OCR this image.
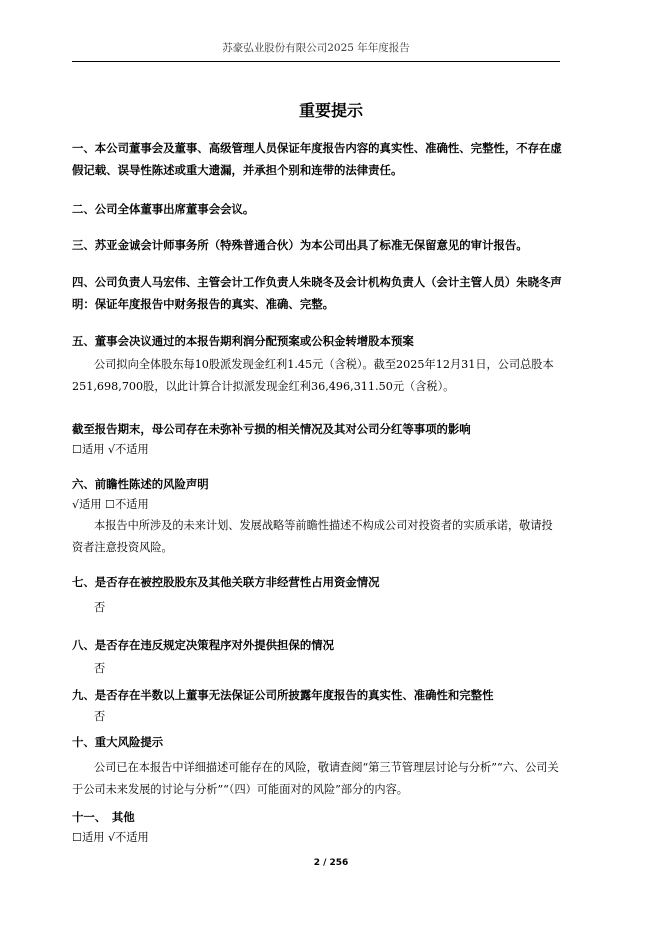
苏豪弘业股份有限公司2025 年年度报告
重要提示

一、本公司董事会及董事、高级管理人员保证年度报告内容的真实性、准确性、完整性，不存在虚假记载、误导性陈述或重大遗漏，并承担个别和连带的法律责任。

二、公司全体董事出席董事会会议。

三、苏亚金诚会计师事务所（特殊普通合伙）为本公司出具了标准无保留意见的审计报告。

四、公司负责人马宏伟、主管会计工作负责人朱晓冬及会计机构负责人（会计主管人员）朱晓冬声明：保证年度报告中财务报告的真实、准确、完整。

五、董事会决议通过的本报告期利润分配预案或公积金转增股本预案

公司拟向全体股东每10股派发现金红利1.45元（含税）。截至2025年12月31日，公司总股本251,698,700股，以此计算合计拟派发现金红利36,496,311.50元（含税）。

截至报告期末，母公司存在未弥补亏损的相关情况及其对公司分红等事项的影响

☐适用 √不适用

六、前瞻性陈述的风险声明

√适用 ☐不适用

本报告中所涉及的未来计划、发展战略等前瞻性描述不构成公司对投资者的实质承诺，敬请投资者注意投资风险。

七、是否存在被控股股东及其他关联方非经营性占用资金情况

否

八、是否存在违反规定决策程序对外提供担保的情况

否

九、是否存在半数以上董事无法保证公司所披露年度报告的真实性、准确性和完整性

否

十、重大风险提示

公司已在本报告中详细描述可能存在的风险，敬请查阅“第三节管理层讨论与分析”“六、公司关于公司未来发展的讨论与分析”“（四）可能面对的风险”部分的内容。

十一、　其他

☐适用 √不适用

2 / 256
